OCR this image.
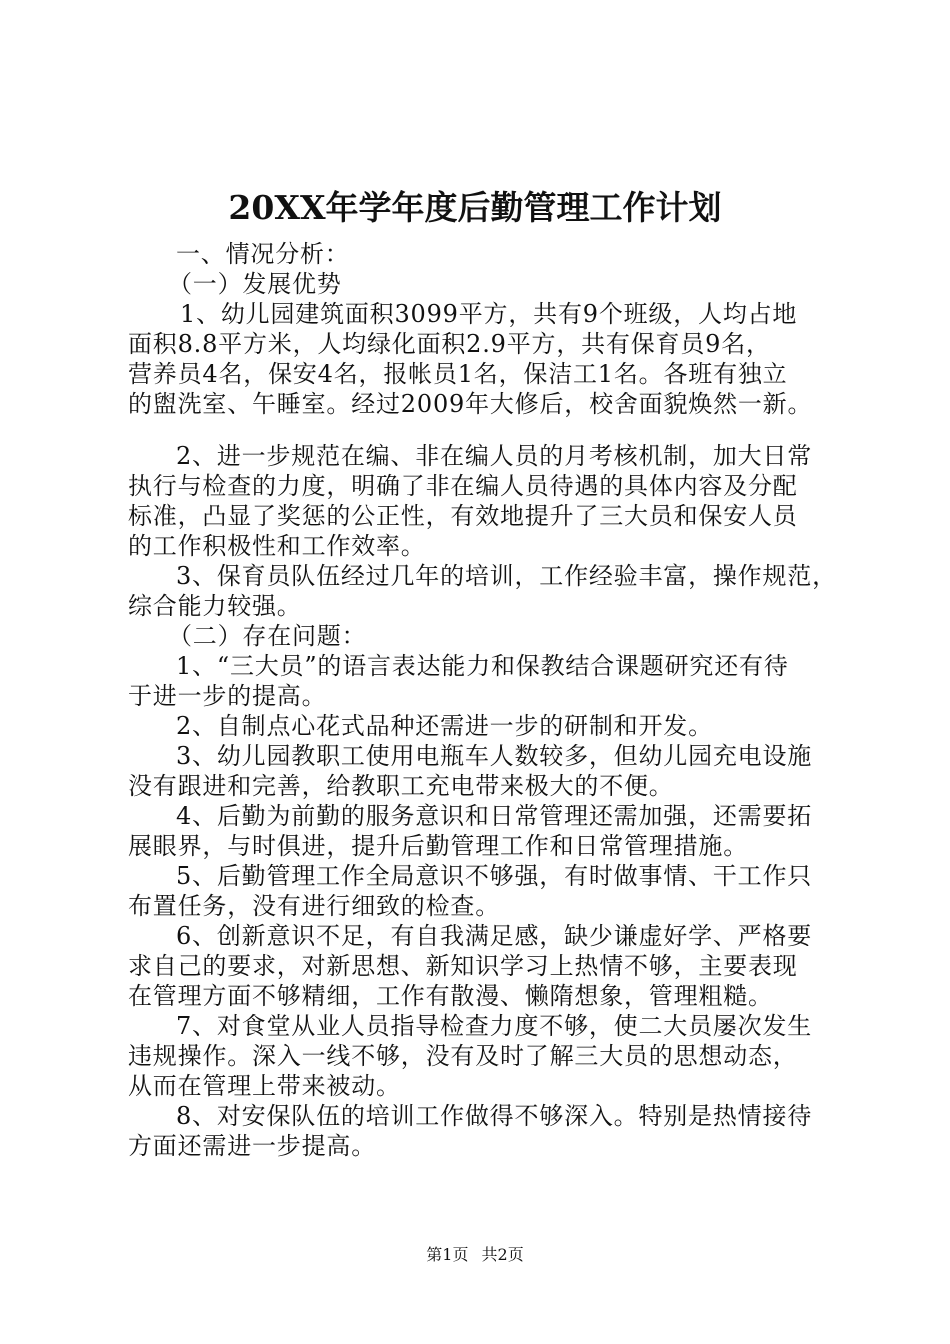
20XX年学年度后勤管理工作计划
一、情况分析：
（一）发展优势
1、幼儿园建筑面积3099平方，共有9个班级，人均占地
面积8.8平方米，人均绿化面积2.9平方，共有保育员9名，
营养员4名，保安4名，报帐员1名，保洁工1名。各班有独立
的盥洗室、午睡室。经过2009年大修后，校舍面貌焕然一新。
2、进一步规范在编、非在编人员的月考核机制，加大日常
执行与检查的力度，明确了非在编人员待遇的具体内容及分配
标准，凸显了奖惩的公正性，有效地提升了三大员和保安人员
的工作积极性和工作效率。
3、保育员队伍经过几年的培训，工作经验丰富，操作规范，
综合能力较强。
（二）存在问题：
1、“三大员”的语言表达能力和保教结合课题研究还有待
于进一步的提高。
2、自制点心花式品种还需进一步的研制和开发。
3、幼儿园教职工使用电瓶车人数较多，但幼儿园充电设施
没有跟进和完善，给教职工充电带来极大的不便。
4、后勤为前勤的服务意识和日常管理还需加强，还需要拓
展眼界，与时俱进，提升后勤管理工作和日常管理措施。
5、后勤管理工作全局意识不够强，有时做事情、干工作只
布置任务，没有进行细致的检查。
6、创新意识不足，有自我满足感，缺少谦虚好学、严格要
求自己的要求，对新思想、新知识学习上热情不够，主要表现
在管理方面不够精细，工作有散漫、懒隋想象，管理粗糙。
7、对食堂从业人员指导检查力度不够，使二大员屡次发生
违规操作。深入一线不够，没有及时了解三大员的思想动态，
从而在管理上带来被动。
8、对安保队伍的培训工作做得不够深入。特别是热情接待
方面还需进一步提高。
第1页 共2页
